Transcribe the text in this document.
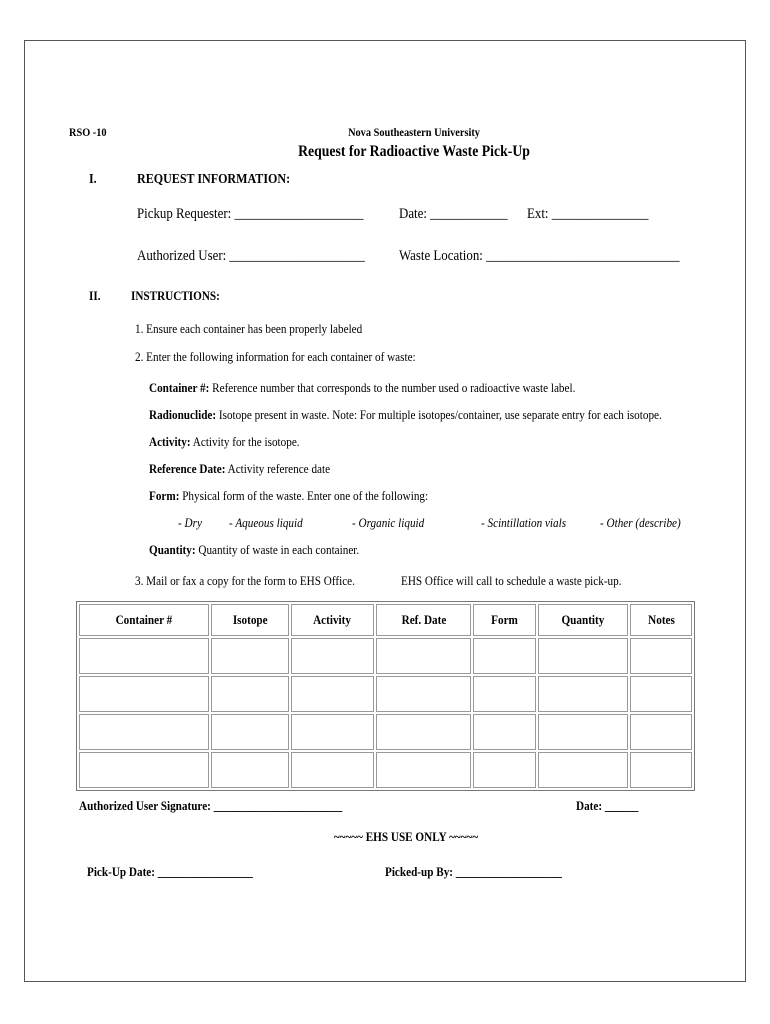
RSO -10	Nova Southeastern University
Request for Radioactive Waste Pick-Up
I.	REQUEST INFORMATION:
Pickup Requester: ____________________	Date: ____________	Ext: _______________
Authorized User: _____________________	Waste Location: ______________________________
II. INSTRUCTIONS:
1. Ensure each container has been properly labeled
2. Enter the following information for each container of waste:
Container #: Reference number that corresponds to the number used o radioactive waste label.
Radionuclide: Isotope present in waste. Note: For multiple isotopes/container, use separate entry for each isotope.
Activity: Activity for the isotope.
Reference Date: Activity reference date
Form: Physical form of the waste. Enter one of the following:
- Dry - Aqueous liquid	- Organic liquid	- Scintillation vials	- Other (describe)
Quantity: Quantity of waste in each container.
3. Mail or fax a copy for the form to EHS Office.	EHS Office will call to schedule a waste pick-up.
Container #	Isotope	Activity	Ref. Date	Form	Quantity	Notes

Authorized User Signature: _______________________	Date: ______
~~~~~ EHS USE ONLY ~~~~~
Pick-Up Date: _________________	Picked-up By: ___________________
